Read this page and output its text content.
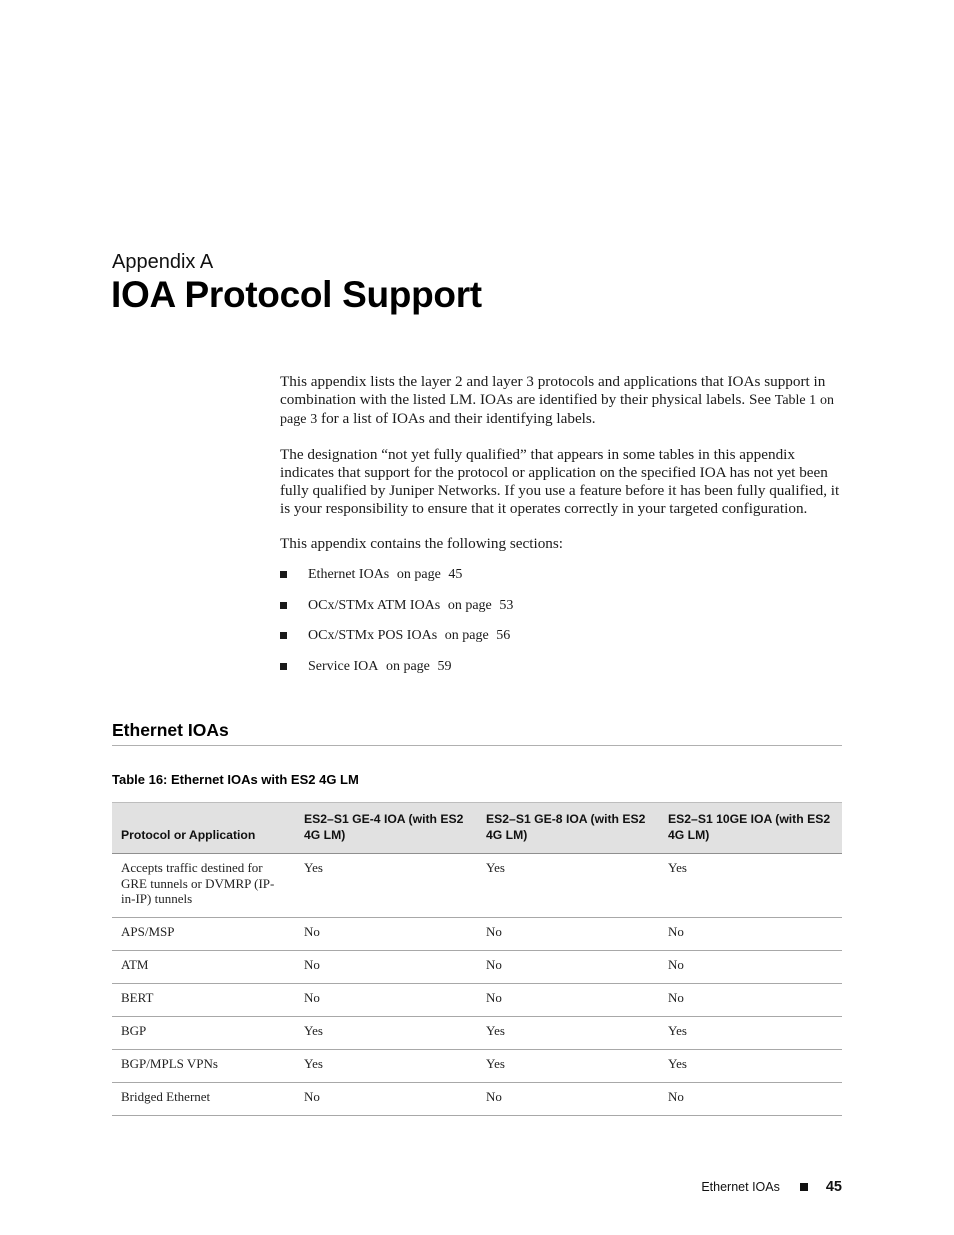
Appendix A
IOA Protocol Support

This appendix lists the layer 2 and layer 3 protocols and applications that IOAs support in combination with the listed LM. IOAs are identified by their physical labels. See Table 1 on page 3 for a list of IOAs and their identifying labels.

The designation “not yet fully qualified” that appears in some tables in this appendix indicates that support for the protocol or application on the specified IOA has not yet been fully qualified by Juniper Networks. If you use a feature before it has been fully qualified, it is your responsibility to ensure that it operates correctly in your targeted configuration.

This appendix contains the following sections:

Ethernet IOAs on page 45
OCx/STMx ATM IOAs on page 53
OCx/STMx POS IOAs on page 56
Service IOA on page 59
Ethernet IOAs
Table 16: Ethernet IOAs with ES2 4G LM
Protocol or Application	ES2–S1 GE-4 IOA (with ES2 4G LM)	ES2–S1 GE-8 IOA (with ES2 4G LM)	ES2–S1 10GE IOA (with ES2 4G LM)
Accepts traffic destined for GRE tunnels or DVMRP (IP-in-IP) tunnels	Yes	Yes	Yes
APS/MSP	No	No	No
ATM	No	No	No
BERT	No	No	No
BGP	Yes	Yes	Yes
BGP/MPLS VPNs	Yes	Yes	Yes
Bridged Ethernet	No	No	No
Ethernet IOAs	45
